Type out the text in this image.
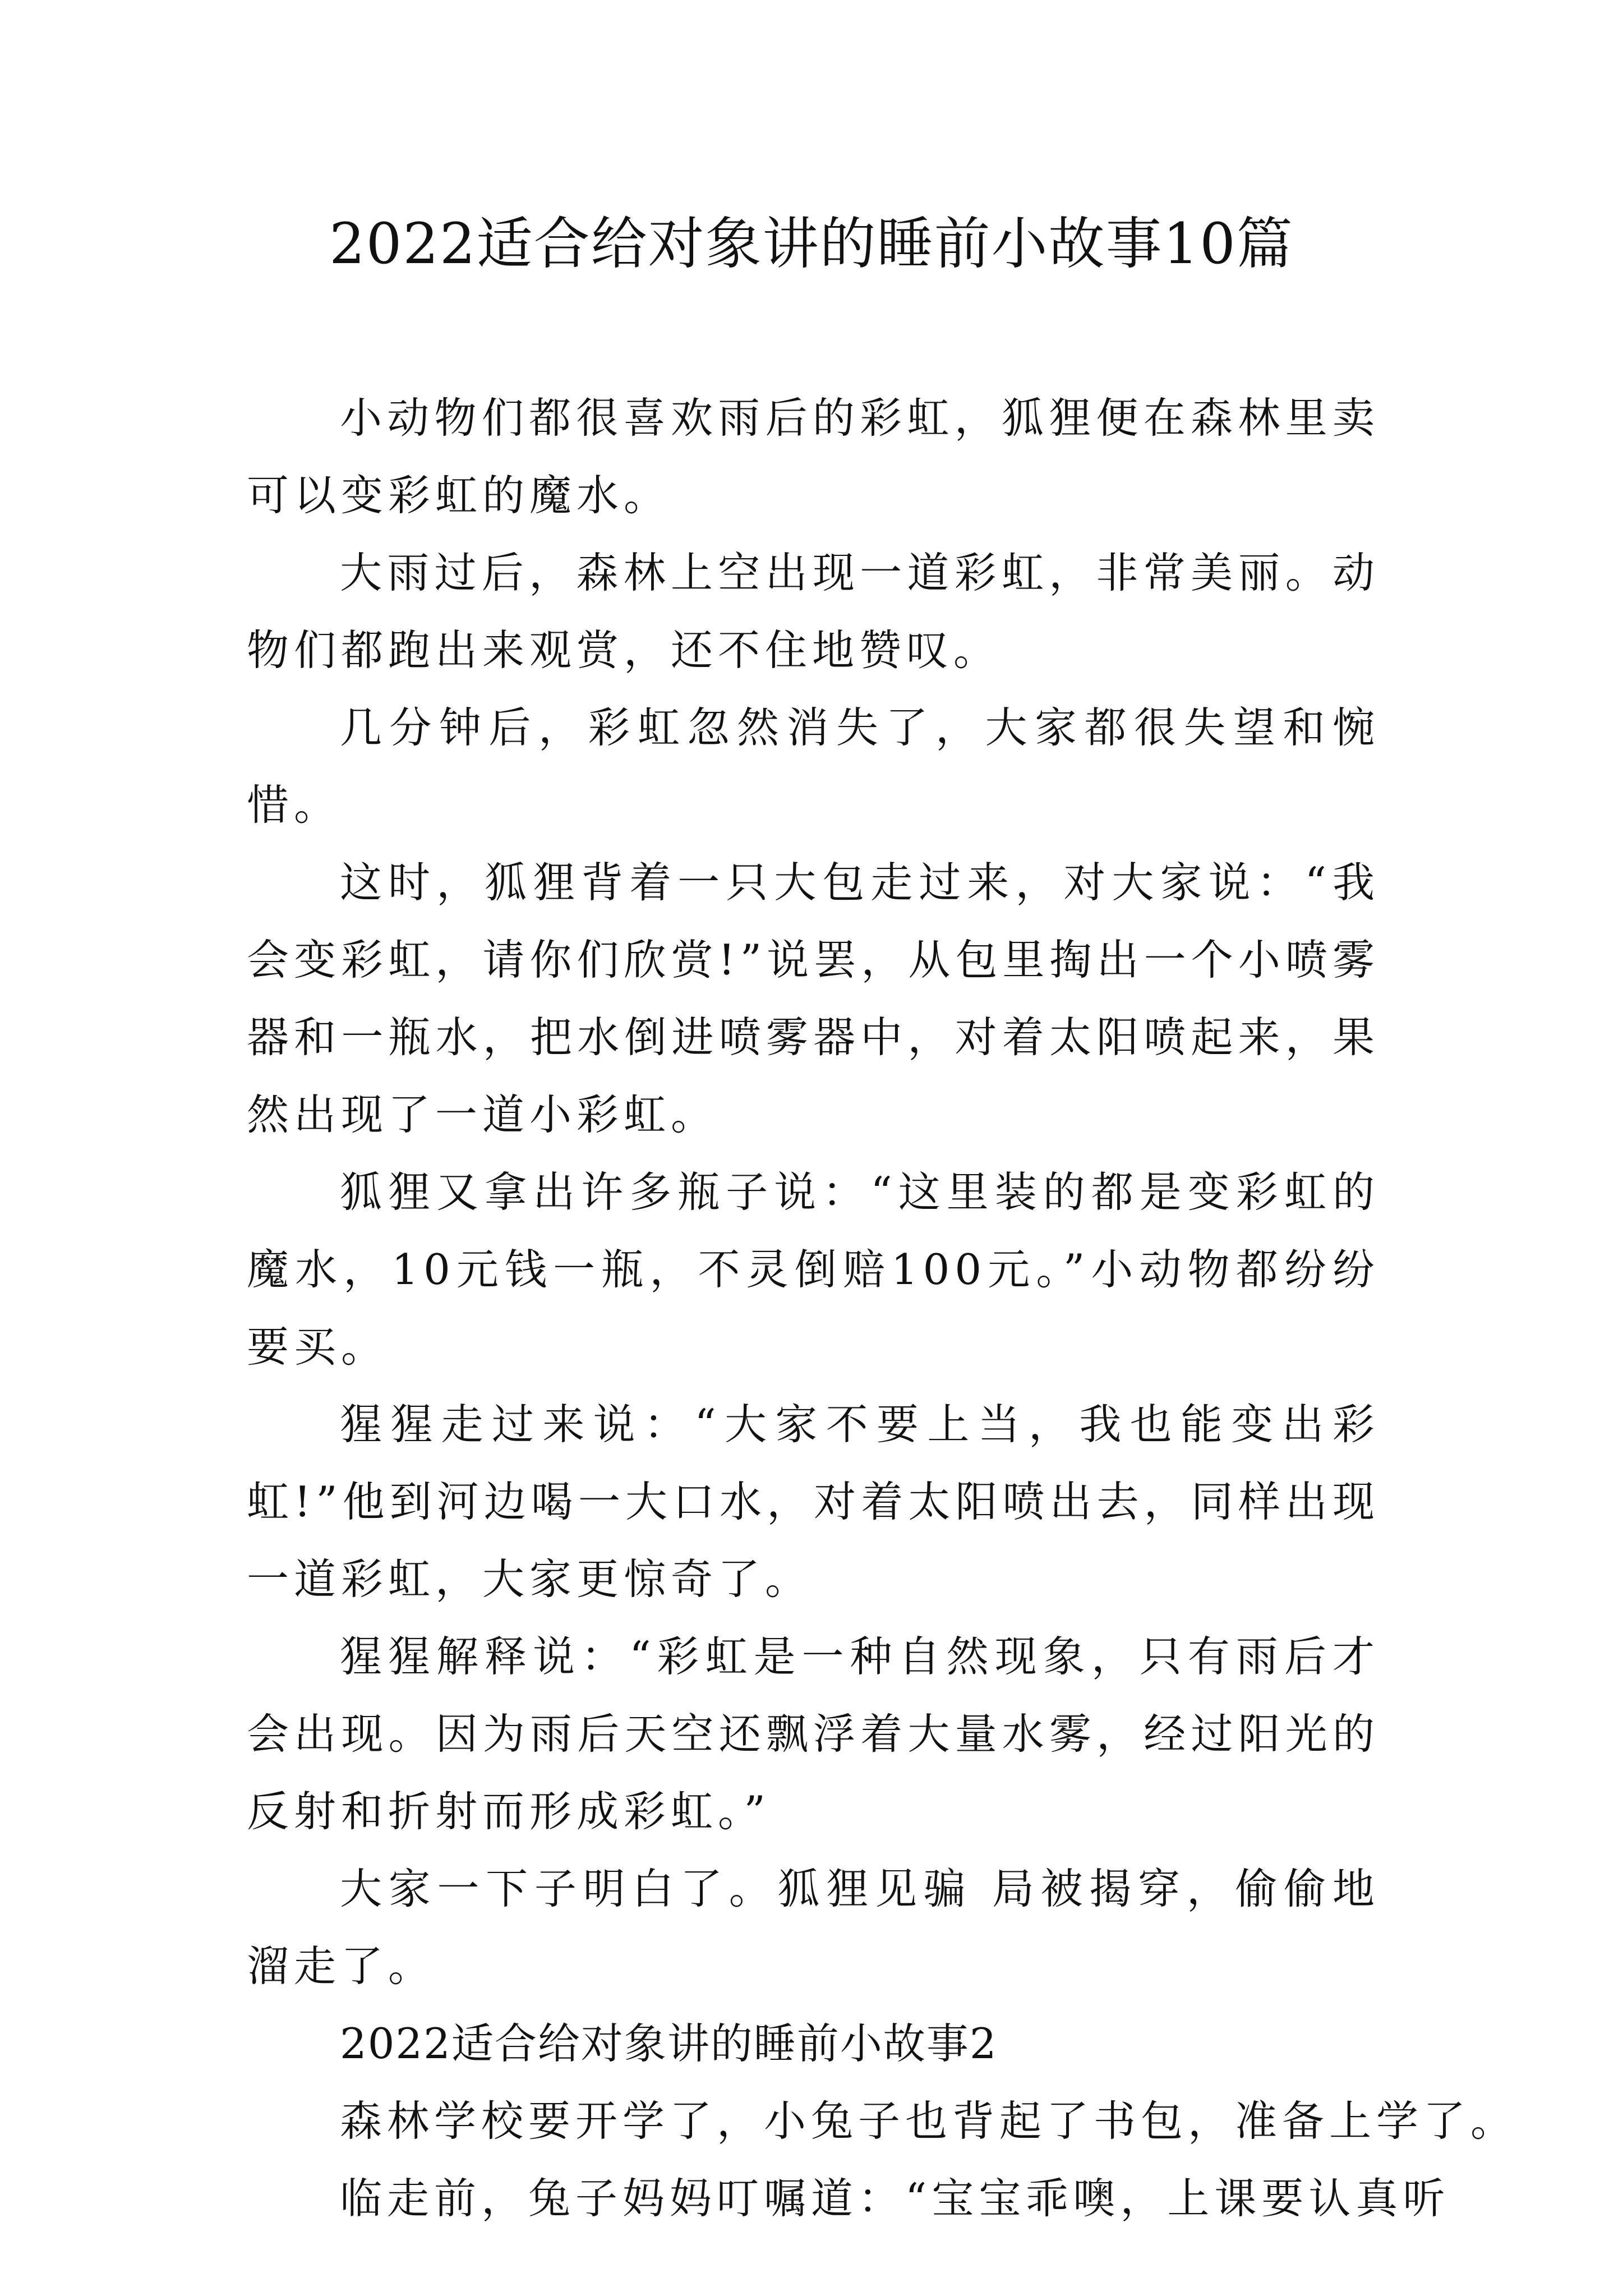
2022适合给对象讲的睡前小故事10篇

小动物们都很喜欢雨后的彩虹，狐狸便在森林里卖可以变彩虹的魔水。

大雨过后，森林上空出现一道彩虹，非常美丽。动物们都跑出来观赏，还不住地赞叹。

几分钟后，彩虹忽然消失了，大家都很失望和惋惜。

这时，狐狸背着一只大包走过来，对大家说：“我会变彩虹，请你们欣赏!”说罢，从包里掏出一个小喷雾器和一瓶水，把水倒进喷雾器中，对着太阳喷起来，果然出现了一道小彩虹。

狐狸又拿出许多瓶子说：“这里装的都是变彩虹的魔水，10元钱一瓶，不灵倒赔100元。”小动物都纷纷要买。

猩猩走过来说：“大家不要上当，我也能变出彩虹!”他到河边喝一大口水，对着太阳喷出去，同样出现一道彩虹，大家更惊奇了。

猩猩解释说：“彩虹是一种自然现象，只有雨后才会出现。因为雨后天空还飘浮着大量水雾，经过阳光的反射和折射而形成彩虹。”

大家一下子明白了。狐狸见骗 局被揭穿，偷偷地溜走了。

2022适合给对象讲的睡前小故事2

森林学校要开学了，小兔子也背起了书包，准备上学了。

临走前，兔子妈妈叮嘱道：“宝宝乖噢，上课要认真听
